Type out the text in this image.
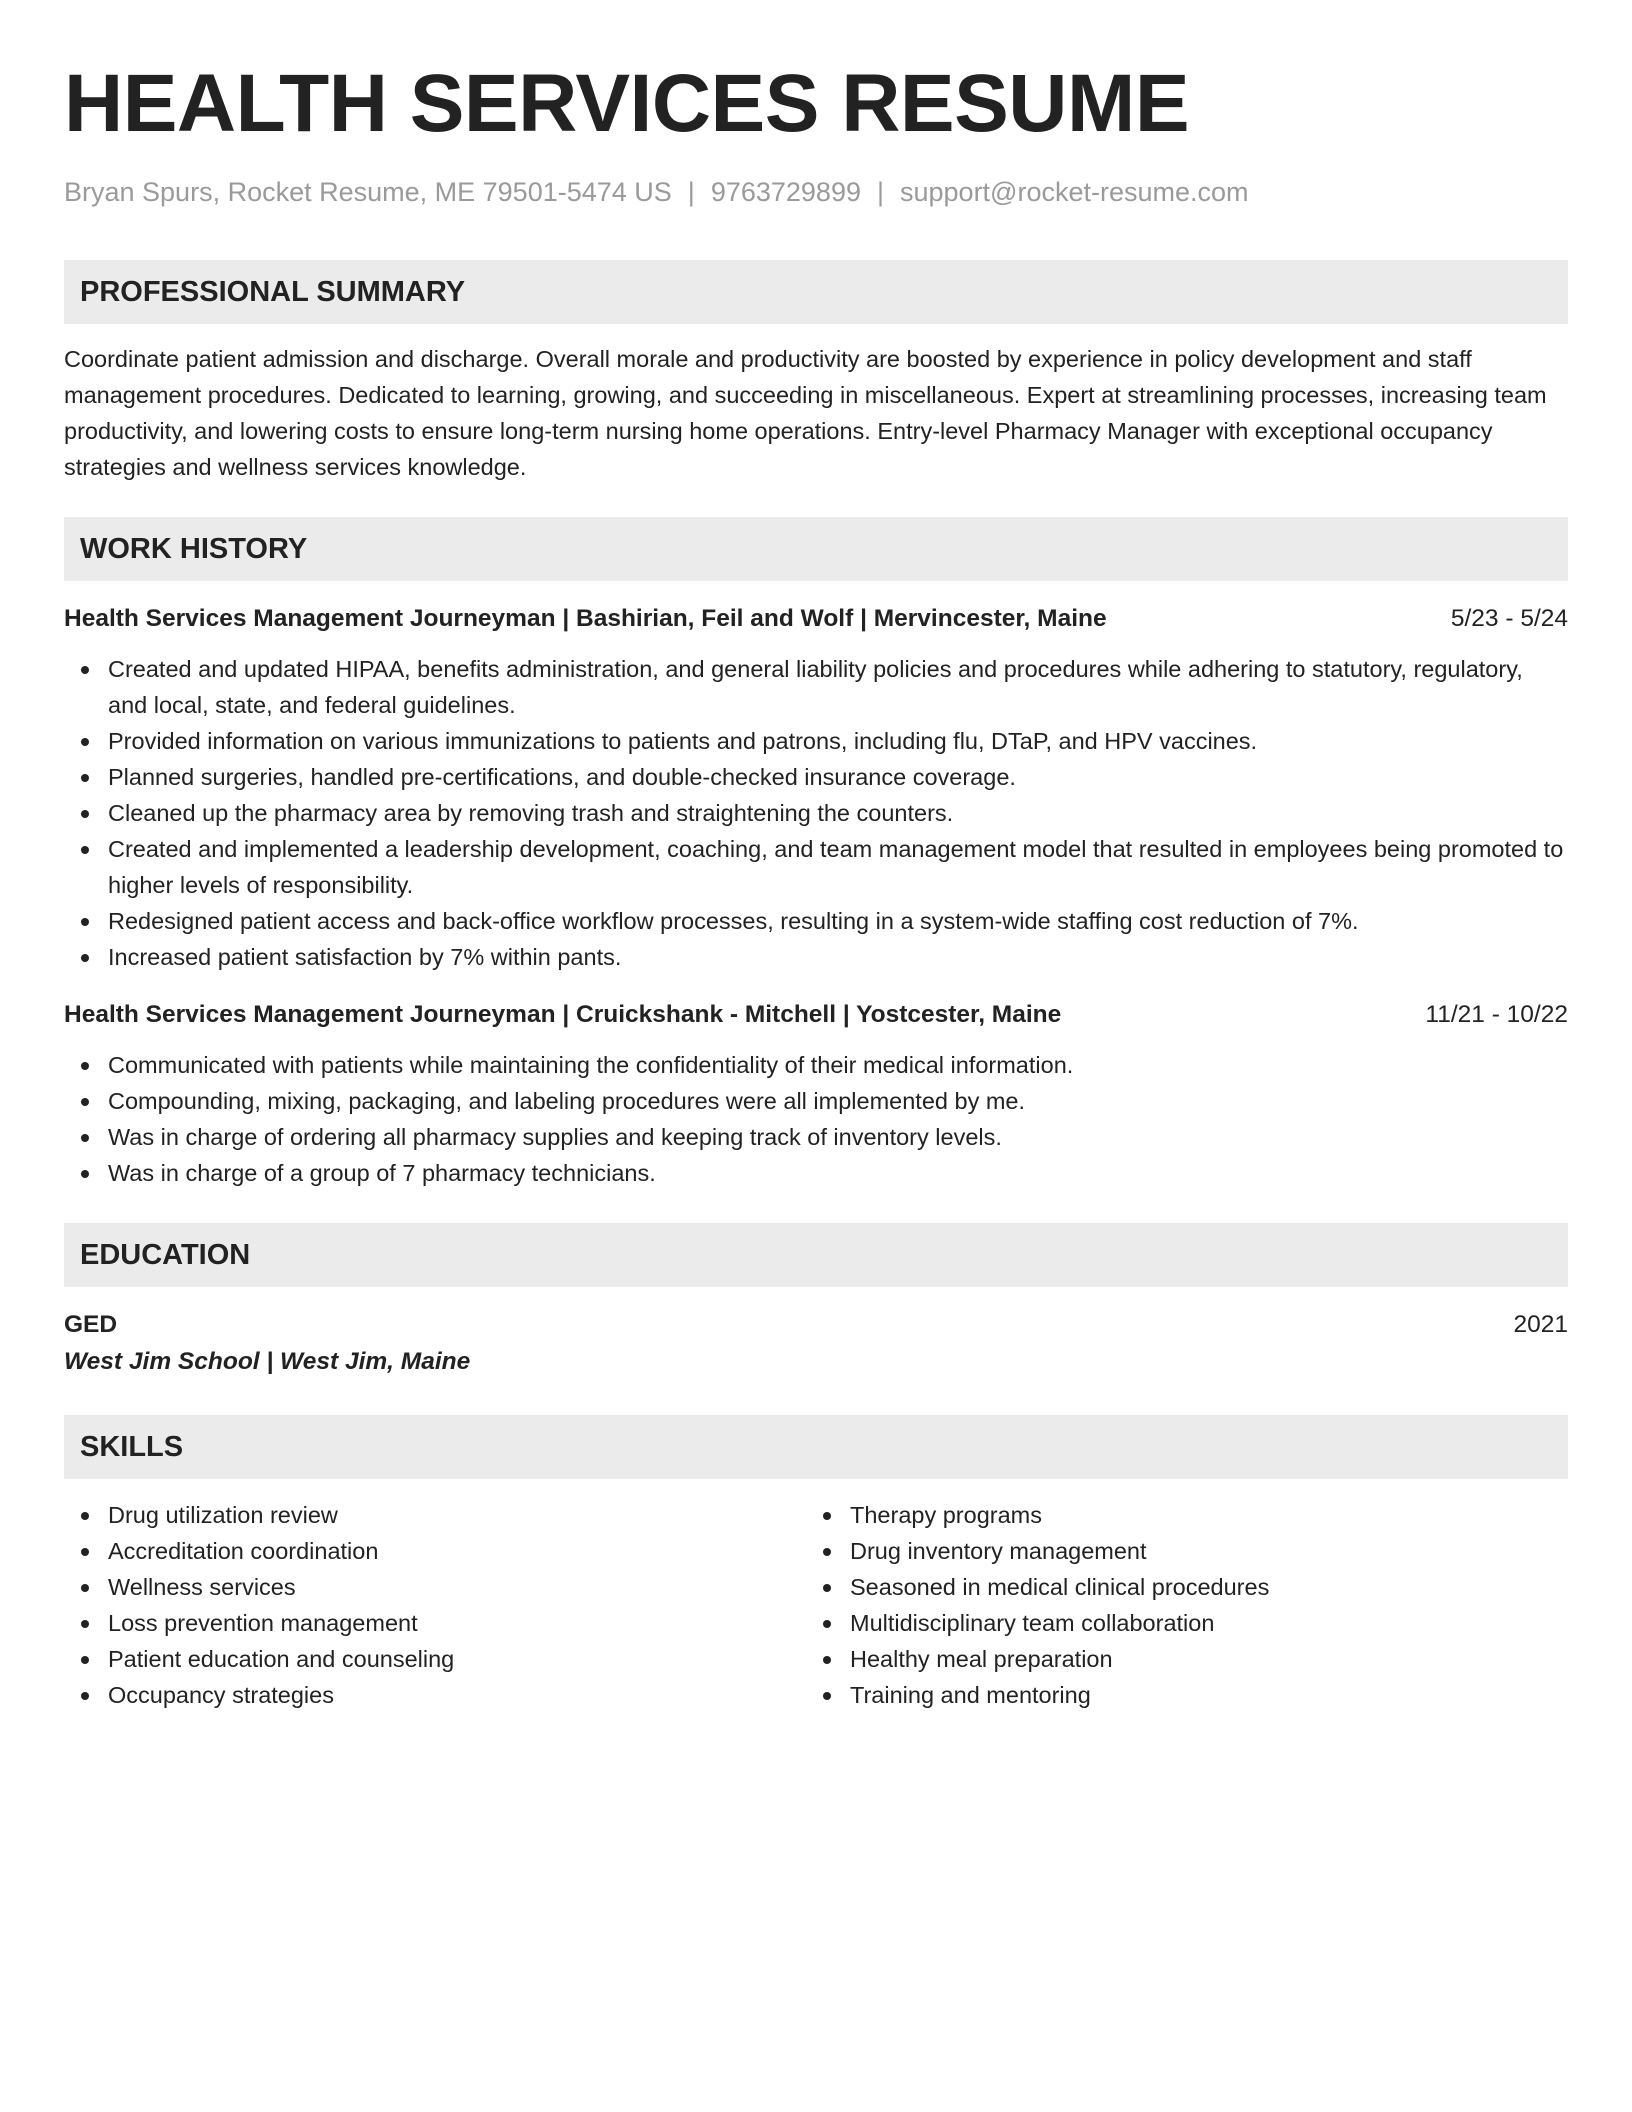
HEALTH SERVICES RESUME
Bryan Spurs, Rocket Resume, ME 79501-5474 US | 9763729899 | support@rocket-resume.com
PROFESSIONAL SUMMARY
Coordinate patient admission and discharge. Overall morale and productivity are boosted by experience in policy development and staff management procedures. Dedicated to learning, growing, and succeeding in miscellaneous. Expert at streamlining processes, increasing team productivity, and lowering costs to ensure long-term nursing home operations. Entry-level Pharmacy Manager with exceptional occupancy strategies and wellness services knowledge.
WORK HISTORY
Health Services Management Journeyman | Bashirian, Feil and Wolf | Mervincester, Maine	5/23 - 5/24
Created and updated HIPAA, benefits administration, and general liability policies and procedures while adhering to statutory, regulatory, and local, state, and federal guidelines.
Provided information on various immunizations to patients and patrons, including flu, DTaP, and HPV vaccines.
Planned surgeries, handled pre-certifications, and double-checked insurance coverage.
Cleaned up the pharmacy area by removing trash and straightening the counters.
Created and implemented a leadership development, coaching, and team management model that resulted in employees being promoted to higher levels of responsibility.
Redesigned patient access and back-office workflow processes, resulting in a system-wide staffing cost reduction of 7%.
Increased patient satisfaction by 7% within pants.
Health Services Management Journeyman | Cruickshank - Mitchell | Yostcester, Maine	11/21 - 10/22
Communicated with patients while maintaining the confidentiality of their medical information.
Compounding, mixing, packaging, and labeling procedures were all implemented by me.
Was in charge of ordering all pharmacy supplies and keeping track of inventory levels.
Was in charge of a group of 7 pharmacy technicians.
EDUCATION
GED	2021
West Jim School | West Jim, Maine
SKILLS
Drug utilization review
Accreditation coordination
Wellness services
Loss prevention management
Patient education and counseling
Occupancy strategies
Therapy programs
Drug inventory management
Seasoned in medical clinical procedures
Multidisciplinary team collaboration
Healthy meal preparation
Training and mentoring
